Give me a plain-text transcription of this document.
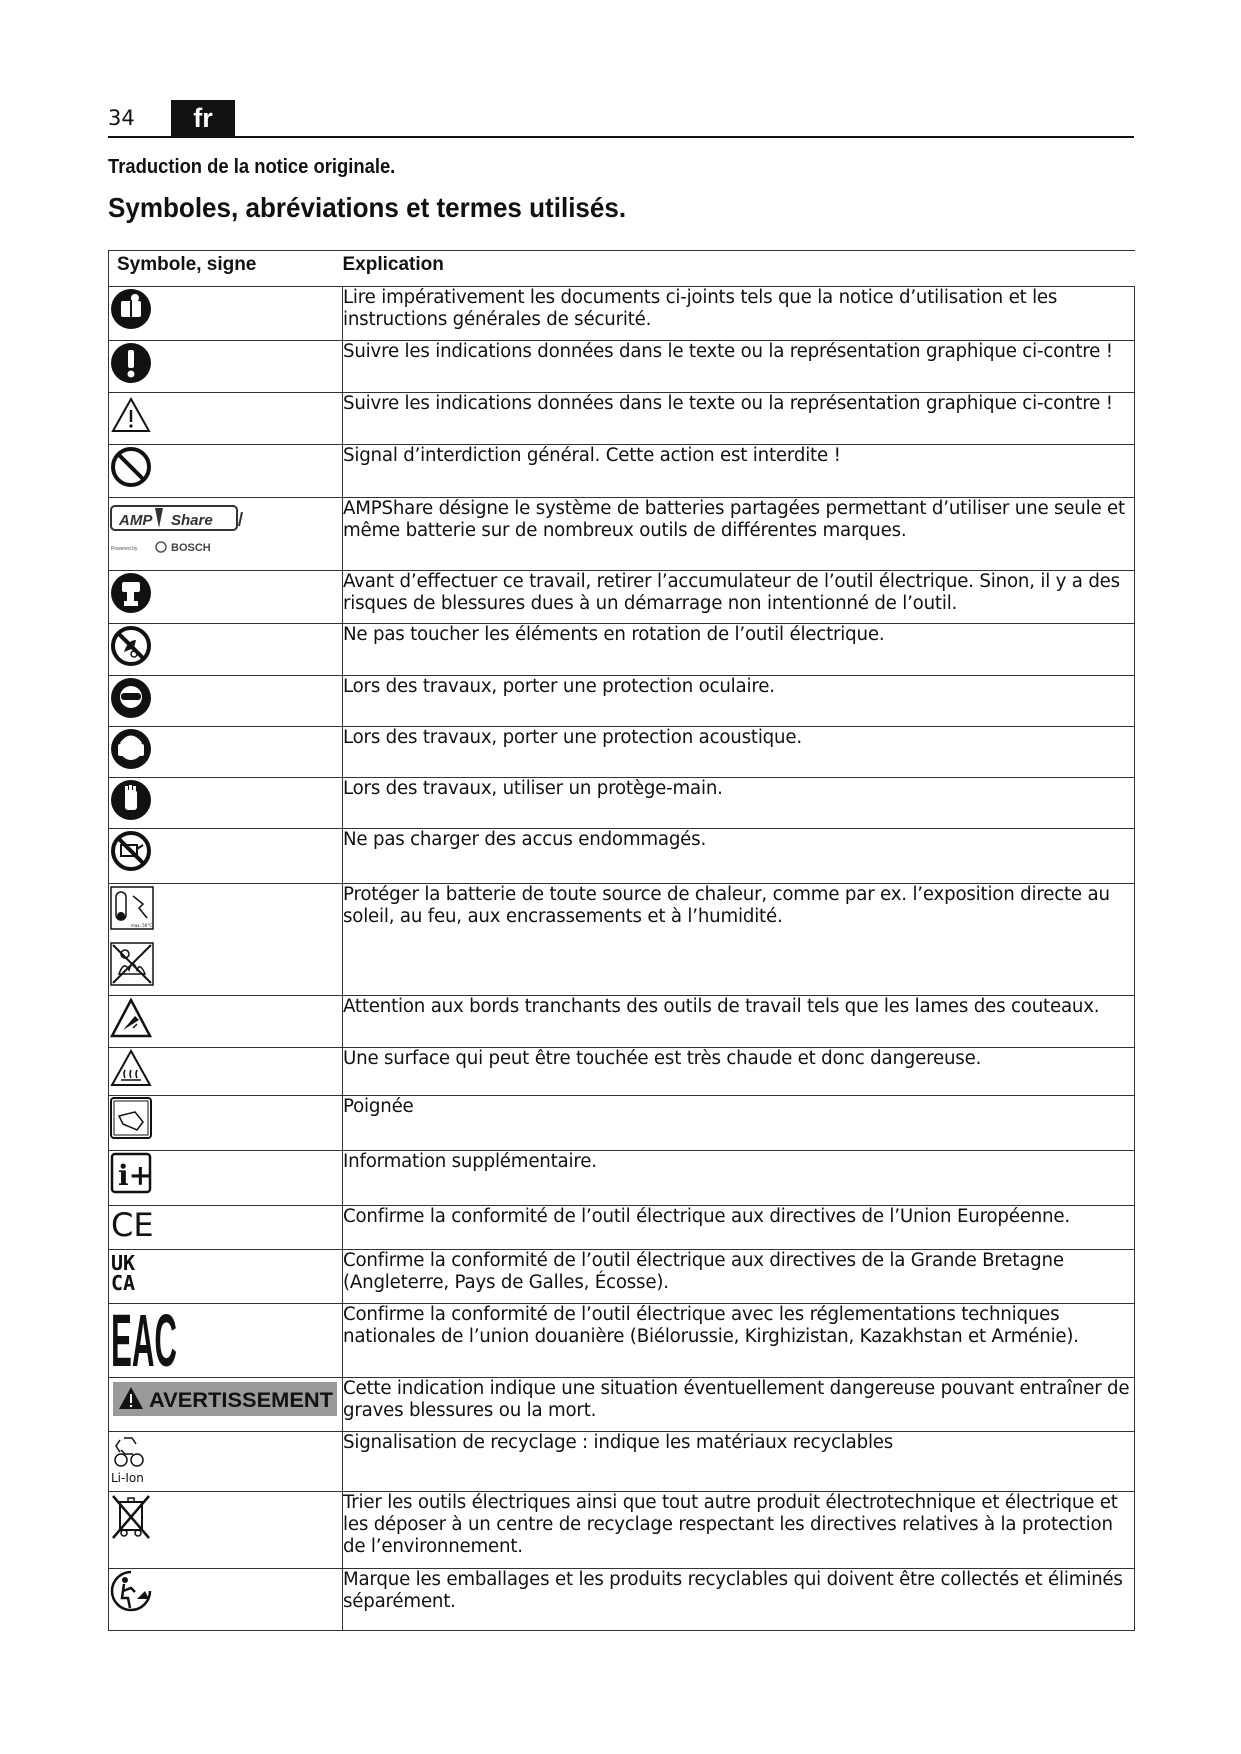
34	fr
Traduction de la notice originale.
Symboles, abréviations et termes utilisés.
Symbole, signe	Explication

	Lire impérativement les documents ci-joints tels que la notice d’utilisation et les instructions générales de sécurité.

	Suivre les indications données dans le texte ou la représentation graphique ci-contre !

	Suivre les indications données dans le texte ou la représentation graphique ci-contre !

	Signal d’interdiction général. Cette action est interdite !

AMP Share
Powered by BOSCH	AMPShare désigne le système de batteries partagées permettant d’utiliser une seule et même batterie sur de nombreux outils de différentes marques.

	Avant d’effectuer ce travail, retirer l’accumulateur de l’outil électrique. Sinon, il y a des risques de blessures dues à un démarrage non intentionné de l’outil.

	Ne pas toucher les éléments en rotation de l’outil électrique.

	Lors des travaux, porter une protection oculaire.

	Lors des travaux, porter une protection acoustique.

	Lors des travaux, utiliser un protège-main.

	Ne pas charger des accus endommagés.

max. 50°C	Protéger la batterie de toute source de chaleur, comme par ex. l’exposition directe au soleil, au feu, aux encrassements et à l’humidité.

	Attention aux bords tranchants des outils de travail tels que les lames des couteaux.

	Une surface qui peut être touchée est très chaude et donc dangereuse.

	Poignée

i+	Information supplémentaire.

CE	Confirme la conformité de l’outil électrique aux directives de l’Union Européenne.

UK
CA	Confirme la conformité de l’outil électrique aux directives de la Grande Bretagne (Angleterre, Pays de Galles, Écosse).

EAC	Confirme la conformité de l’outil électrique avec les réglementations techniques nationales de l’union douanière (Biélorussie, Kirghizistan, Kazakhstan et Arménie).

AVERTISSEMENT	Cette indication indique une situation éventuellement dangereuse pouvant entraîner de graves blessures ou la mort.

Li-Ion	Signalisation de recyclage : indique les matériaux recyclables

	Trier les outils électriques ainsi que tout autre produit électrotechnique et électrique et les déposer à un centre de recyclage respectant les directives relatives à la protection de l’environnement.

	Marque les emballages et les produits recyclables qui doivent être collectés et éliminés séparément.
